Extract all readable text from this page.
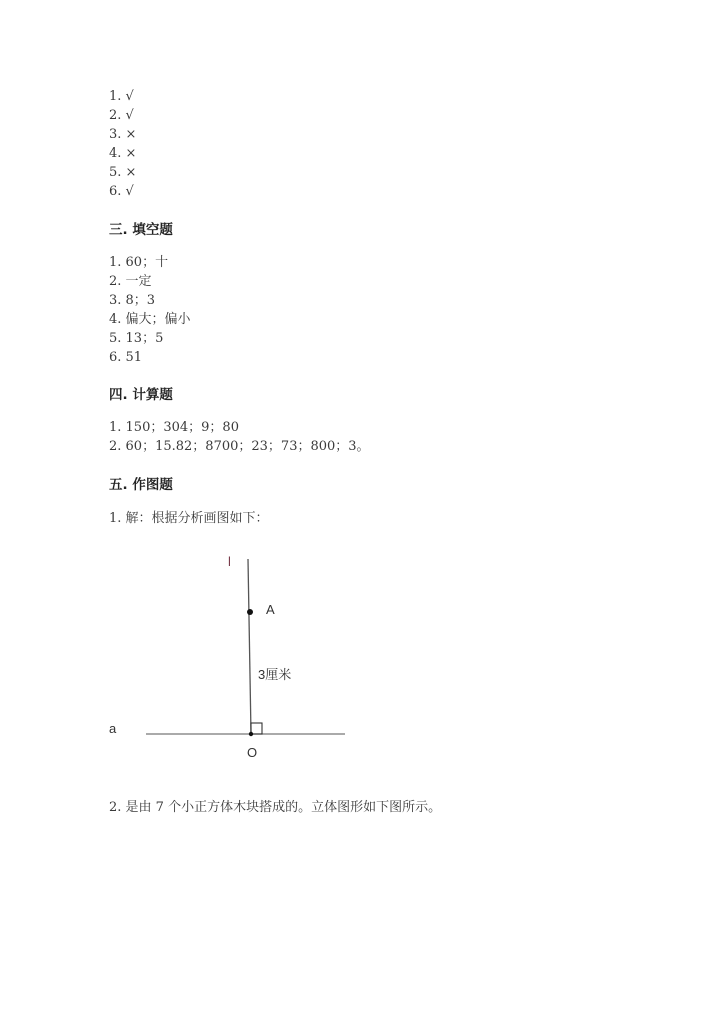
1. √
2. √
3. ×
4. ×
5. ×
6. √
三. 填空题
1. 60；十
2. 一定
3. 8；3
4. 偏大；偏小
5. 13；5
6. 51
四. 计算题
1. 150；304；9；80
2. 60；15.82；8700；23；73；800；3。
五. 作图题
1. 解：根据分析画图如下：
l
A
3厘米
a
O
2. 是由 7 个小正方体木块搭成的。立体图形如下图所示。
